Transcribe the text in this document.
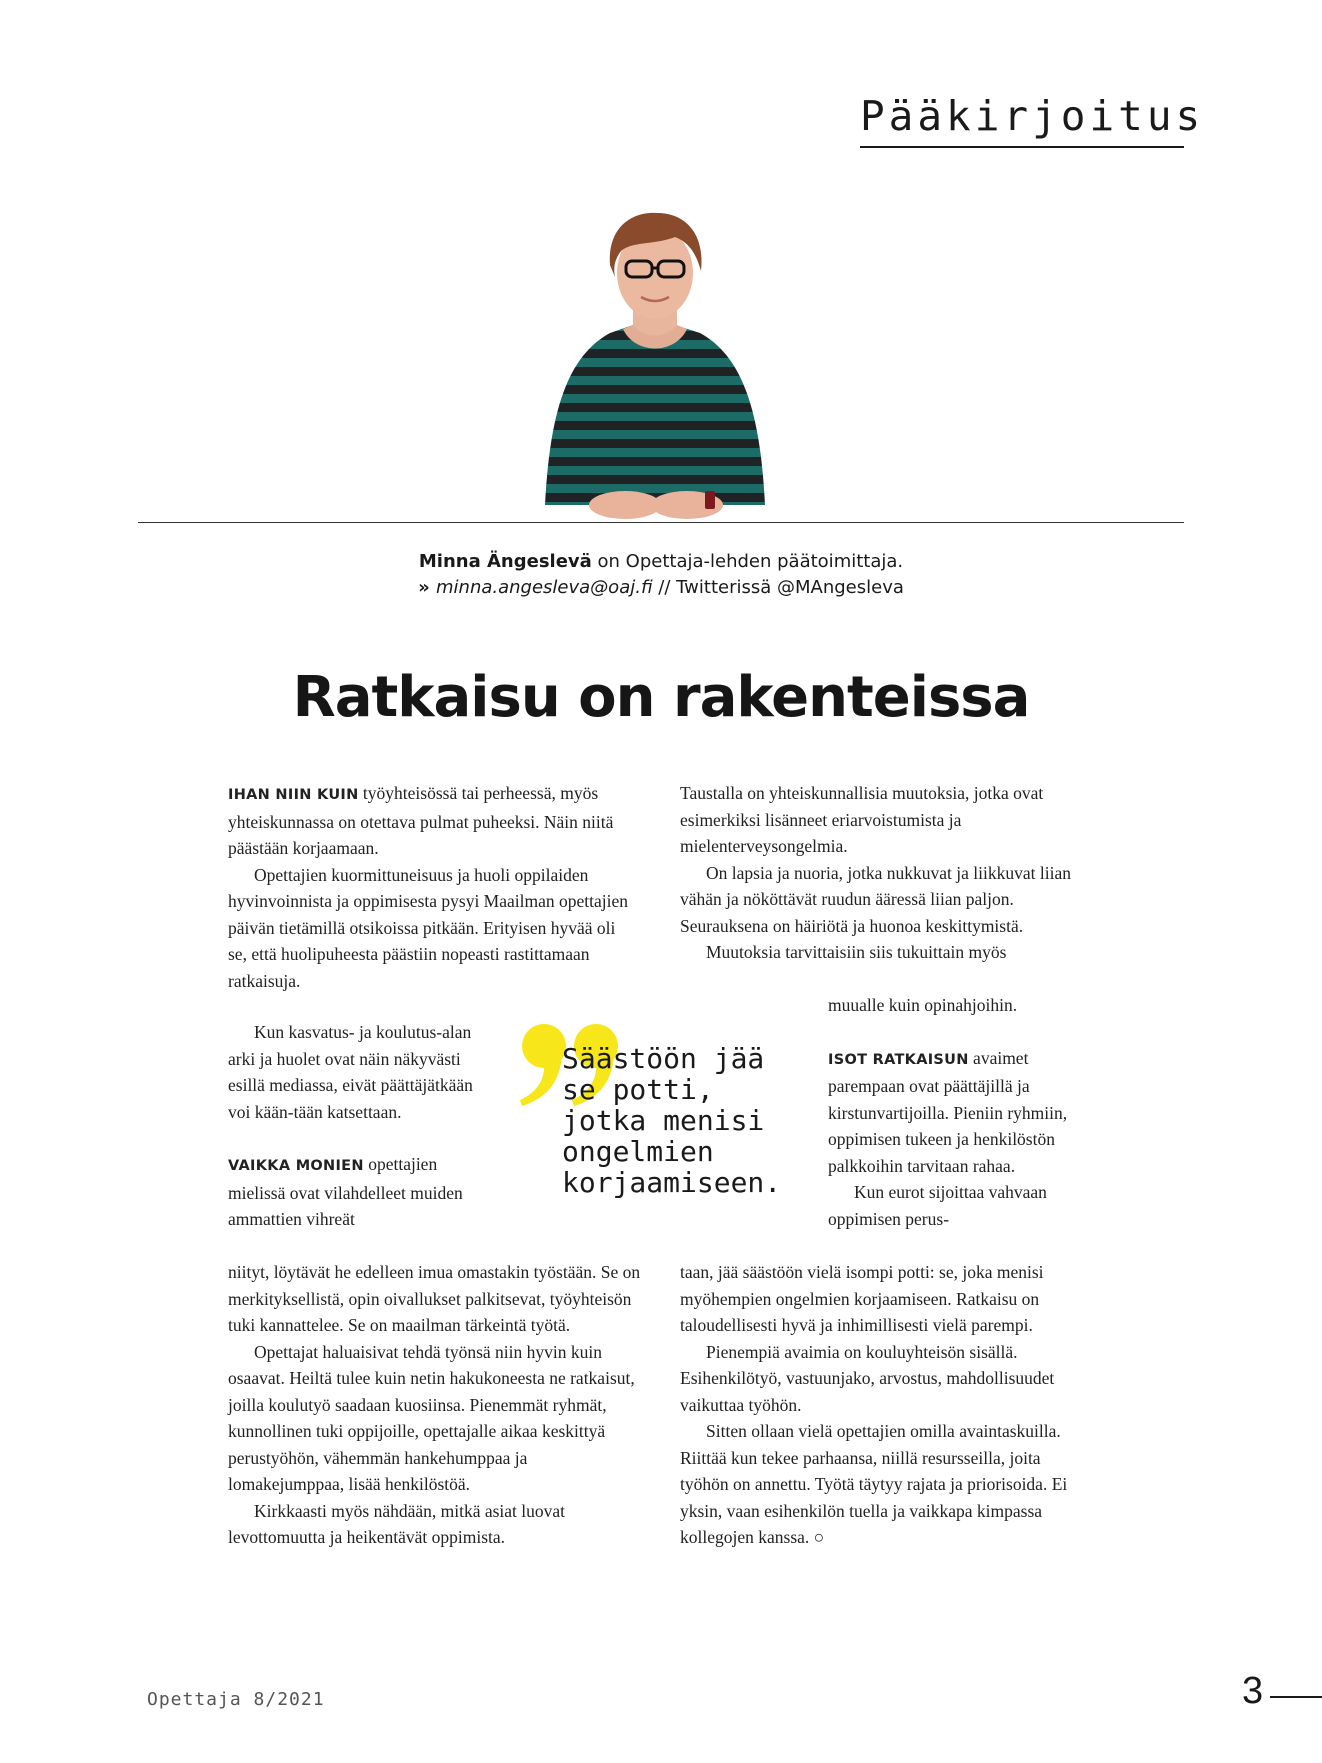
Pääkirjoitus
Minna Ängeslevä on Opettaja-lehden päätoimittaja.
» minna.angesleva@oaj.fi // Twitterissä @MAngesleva
Ratkaisu on rakenteissa

IHAN NIIN KUIN työyhteisössä tai perheessä, myös yhteiskunnassa on otettava pulmat puheeksi. Näin niitä päästään korjaamaan.

Opettajien kuormittuneisuus ja huoli oppilaiden hyvinvoinnista ja oppimisesta pysyi Maailman opettajien päivän tietämillä otsikoissa pitkään. Erityisen hyvää oli se, että huolipuheesta päästiin nopeasti rastittamaan ratkaisuja.

Kun kasvatus- ja koulutus-alan arki ja huolet ovat näin näkyvästi esillä mediassa, eivät päättäjätkään voi kään-tään katsettaan.

VAIKKA MONIEN opettajien mielissä ovat vilahdelleet muiden ammattien vihreät

niityt, löytävät he edelleen imua omastakin työstään. Se on merkityksellistä, opin oivallukset palkitsevat, työyhteisön tuki kannattelee. Se on maailman tärkeintä työtä.

Opettajat haluaisivat tehdä työnsä niin hyvin kuin osaavat. Heiltä tulee kuin netin hakukoneesta ne ratkaisut, joilla koulutyö saadaan kuosiinsa. Pienemmät ryhmät, kunnollinen tuki oppijoille, opettajalle aikaa keskittyä perustyöhön, vähemmän hankehumppaa ja lomakejumppaa, lisää henkilöstöä.

Kirkkaasti myös nähdään, mitkä asiat luovat levottomuutta ja heikentävät oppimista.

Taustalla on yhteiskunnallisia muutoksia, jotka ovat esimerkiksi lisänneet eriarvoistumista ja mielenterveysongelmia.

On lapsia ja nuoria, jotka nukkuvat ja liikkuvat liian vähän ja nököttävät ruudun ääressä liian paljon. Seurauksena on häiriötä ja huonoa keskittymistä.

Muutoksia tarvittaisiin siis tukuittain myös

muualle kuin opinahjoihin.

ISOT RATKAISUN avaimet parempaan ovat päättäjillä ja kirstunvartijoilla. Pieniin ryhmiin, oppimisen tukeen ja henkilöstön palkkoihin tarvitaan rahaa.

Kun eurot sijoittaa vahvaan oppimisen perus-

taan, jää säästöön vielä isompi potti: se, joka menisi myöhempien ongelmien korjaamiseen. Ratkaisu on taloudellisesti hyvä ja inhimillisesti vielä parempi.

Pienempiä avaimia on kouluyhteisön sisällä. Esihenkilötyö, vastuunjako, arvostus, mahdollisuudet vaikuttaa työhön.

Sitten ollaan vielä opettajien omilla avaintaskuilla. Riittää kun tekee parhaansa, niillä resursseilla, joita työhön on annettu. Työtä täytyy rajata ja priorisoida. Ei yksin, vaan esihenkilön tuella ja vaikkapa kimpassa kollegojen kanssa. ○

Säästöön jää se potti, jotka menisi ongelmien korjaamiseen.
Opettaja 8/2021	3
